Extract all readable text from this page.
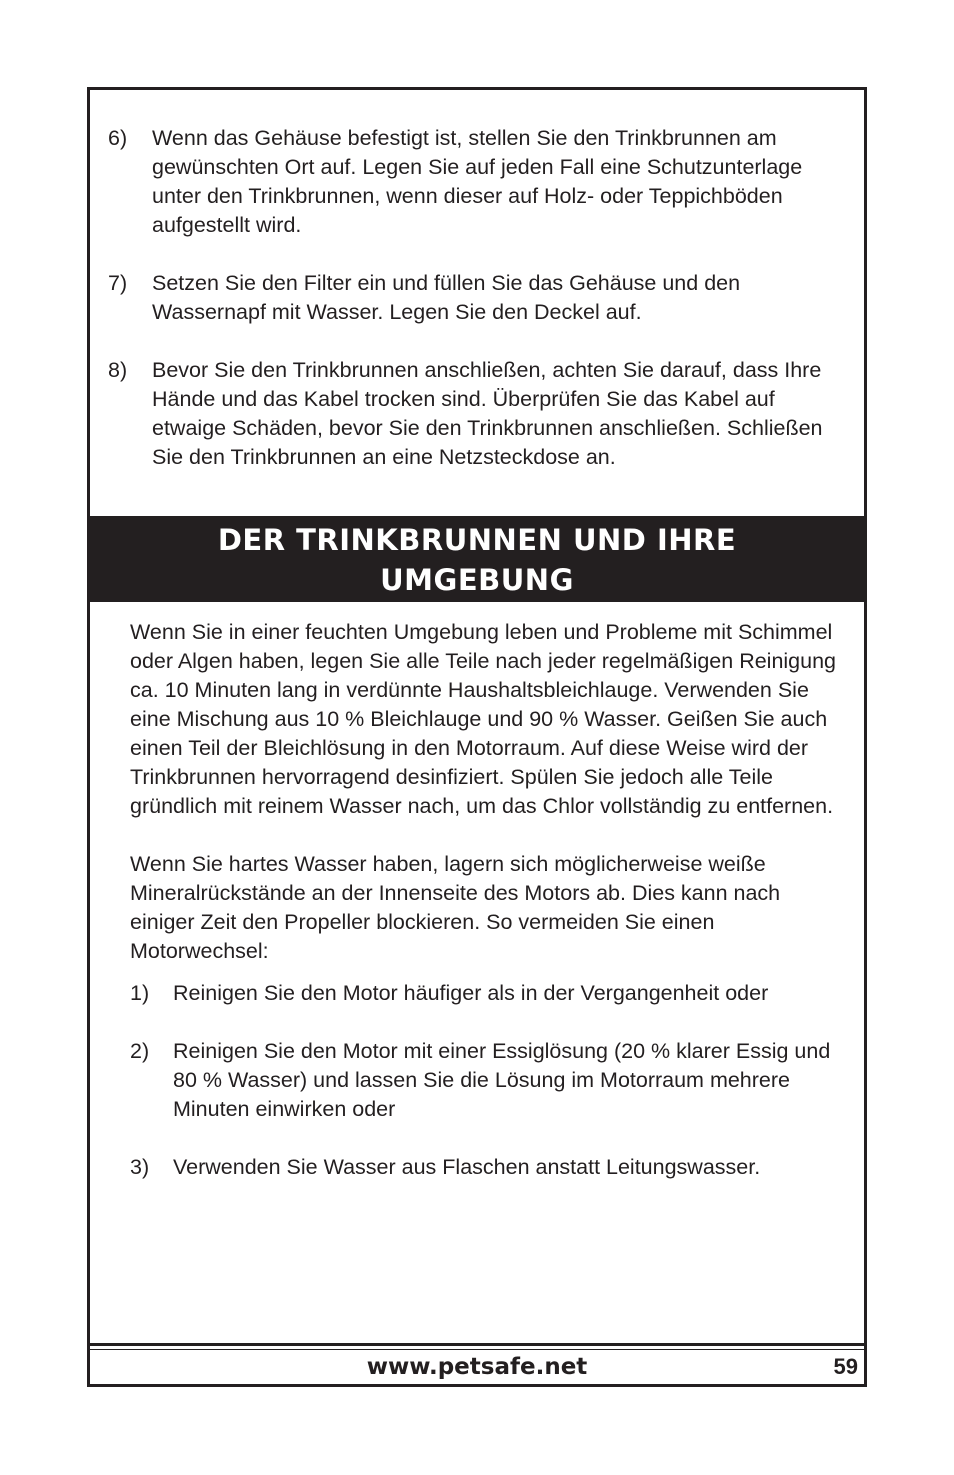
6)	Wenn das Gehäuse befestigt ist, stellen Sie den Trinkbrunnen am gewünschten Ort auf. Legen Sie auf jeden Fall eine Schutzunterlage unter den Trinkbrunnen, wenn dieser auf Holz- oder Teppichböden aufgestellt wird.
7)	Setzen Sie den Filter ein und füllen Sie das Gehäuse und den Wassernapf mit Wasser. Legen Sie den Deckel auf.
8)	Bevor Sie den Trinkbrunnen anschließen, achten Sie darauf, dass Ihre Hände und das Kabel trocken sind. Überprüfen Sie das Kabel auf etwaige Schäden, bevor Sie den Trinkbrunnen anschließen. Schließen Sie den Trinkbrunnen an eine Netzsteckdose an.
DER TRINKBRUNNEN UND IHRE
UMGEBUNG

Wenn Sie in einer feuchten Umgebung leben und Probleme mit Schimmel oder Algen haben, legen Sie alle Teile nach jeder regelmäßigen Reinigung ca. 10 Minuten lang in verdünnte Haushaltsbleichlauge. Verwenden Sie eine Mischung aus 10 % Bleichlauge und 90 % Wasser. Geißen Sie auch einen Teil der Bleichlösung in den Motorraum. Auf diese Weise wird der Trinkbrunnen hervorragend desinfiziert. Spülen Sie jedoch alle Teile gründlich mit reinem Wasser nach, um das Chlor vollständig zu entfernen.

Wenn Sie hartes Wasser haben, lagern sich möglicherweise weiße Mineralrückstände an der Innenseite des Motors ab. Dies kann nach einiger Zeit den Propeller blockieren. So vermeiden Sie einen Motorwechsel:

1)	Reinigen Sie den Motor häufiger als in der Vergangenheit oder
2)	Reinigen Sie den Motor mit einer Essiglösung (20 % klarer Essig und 80 % Wasser) und lassen Sie die Lösung im Motorraum mehrere Minuten einwirken oder
3)	Verwenden Sie Wasser aus Flaschen anstatt Leitungswasser.
www.petsafe.net	59
